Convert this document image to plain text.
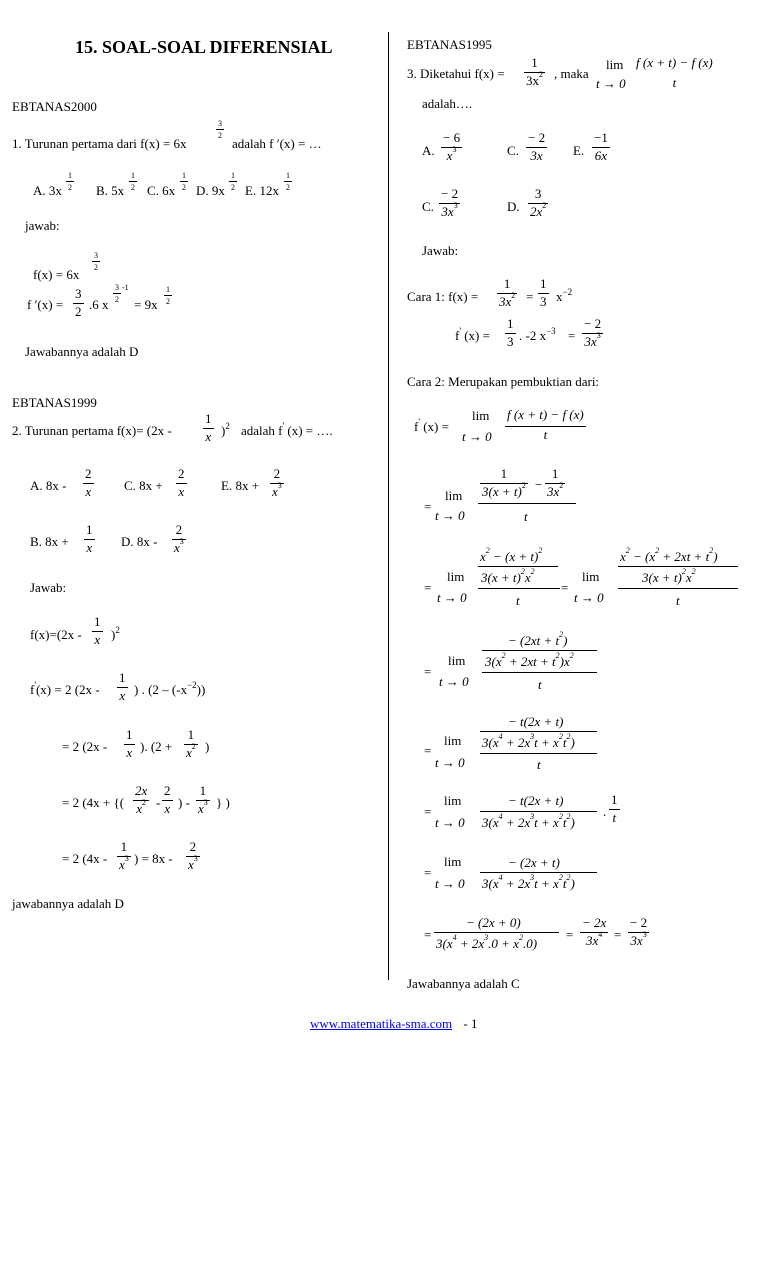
15. SOAL-SOAL DIFERENSIAL
EBTANAS2000
1. Turunan pertama dari f(x) = 6x
$\frac{3}{2}$
adalah f ′(x) = …
A. $3x \frac{1}{2} B$. $5x \frac{1}{2} C$. $6x \frac{1}{2} D$. $9x \frac{1}{2} E$. $12x \frac{1}{2}$
jawab:
f(x) = 6x
$\frac{3}{2}$
f $'(x) = \frac{3}{2} .6$ x
$\frac{3}{2} -1$
= $9x \frac{1}{2}$
Jawabannya adalah D
EBTANAS1999
2. Turunan pertama $f(x)= (2x - \frac{1}{x} )^2$ adalah f' (x) = ….
A. $8x - \frac{2}{x} C$. $8x + \frac{2}{x}$	E. $8x + \frac{2}{x^3}$
B. $8x + \frac{1}{x} D$. $8x - \frac{2}{x^3}$
Jawab:
$f(x)=(2x - \frac{1}{x} )^2$
f'(x) = 2 ($2x - \frac{1}{x}$ ) . $(2 - (-x^{-2}))$
= 2 ($2x - \frac{1}{x}$ ). ($2 + \frac{1}{x^2}$ )
= 2 (4x + {( $\frac{2x}{x^2} - \frac{2}{x}$ ) - $\frac{1}{x^3}$ } )
= 2 ($4x - \frac{1}{x^3}$ ) = $8x - \frac{2}{x^3}$
jawabannya adalah D
EBTANAS1995
3. Diketahui $f(x) = \frac{1}{3x^2}$ , maka
lim
t → 0
f (x + t) − f (x)
t
adalah….
A. $\frac{- 6}{x^3}$	C. $\frac{- 2}{3x} E$. $\frac{-1}{6x}$
C. $\frac{- 2}{3x^3}$	D. $\frac{3}{2x^2}$
Jawab:
Cara 1: $f(x) = \frac{1}{3x^2} = \frac{1}{3} x^{-2}$
f' $(x) = \frac{1}{3}$ . -2 $x^{-3} = \frac{- 2}{3x^3}$
Cara 2: Merupakan pembuktian dari:
f' (x) =
lim
$t \to 0 \frac{f (x + t) - f (x)}{t}$
=
lim
t → 0
$\frac{1}{3(x + t)^2} - \frac{1}{3x^2}$
t
=
lim
t → 0
$x^2 - (x + t)^2$
$3(x + t)^2x^2$
t
=
lim
t → 0
$x^2 - (x^2 + 2xt + t^2)$
$3(x + t)^2x^2$
t
=
lim
t → 0
− $(2xt + t^2)$
$3(x^2 + 2xt + t^2)x^2$
t
=
lim
t → 0
− t(2x + t)
$3(x^4 + 2x^3t + x^2t^2)$
t
=
lim
t → 0
− t(2x + t)
$3(x^4 + 2x^3t + x^2t^2)$
. $\frac{1}{t}$
=
lim
t → 0
− (2x + t)
$3(x^4 + 2x^3t + x^2t^2)$
=
− (2x + 0)
$3(x^4 + 2x^3.0 + x^2.0)$
= $\frac{- 2x}{3x^4} = \frac{- 2}{3x^3}$
Jawabannya adalah C
www.matematika-sma.com - 1
